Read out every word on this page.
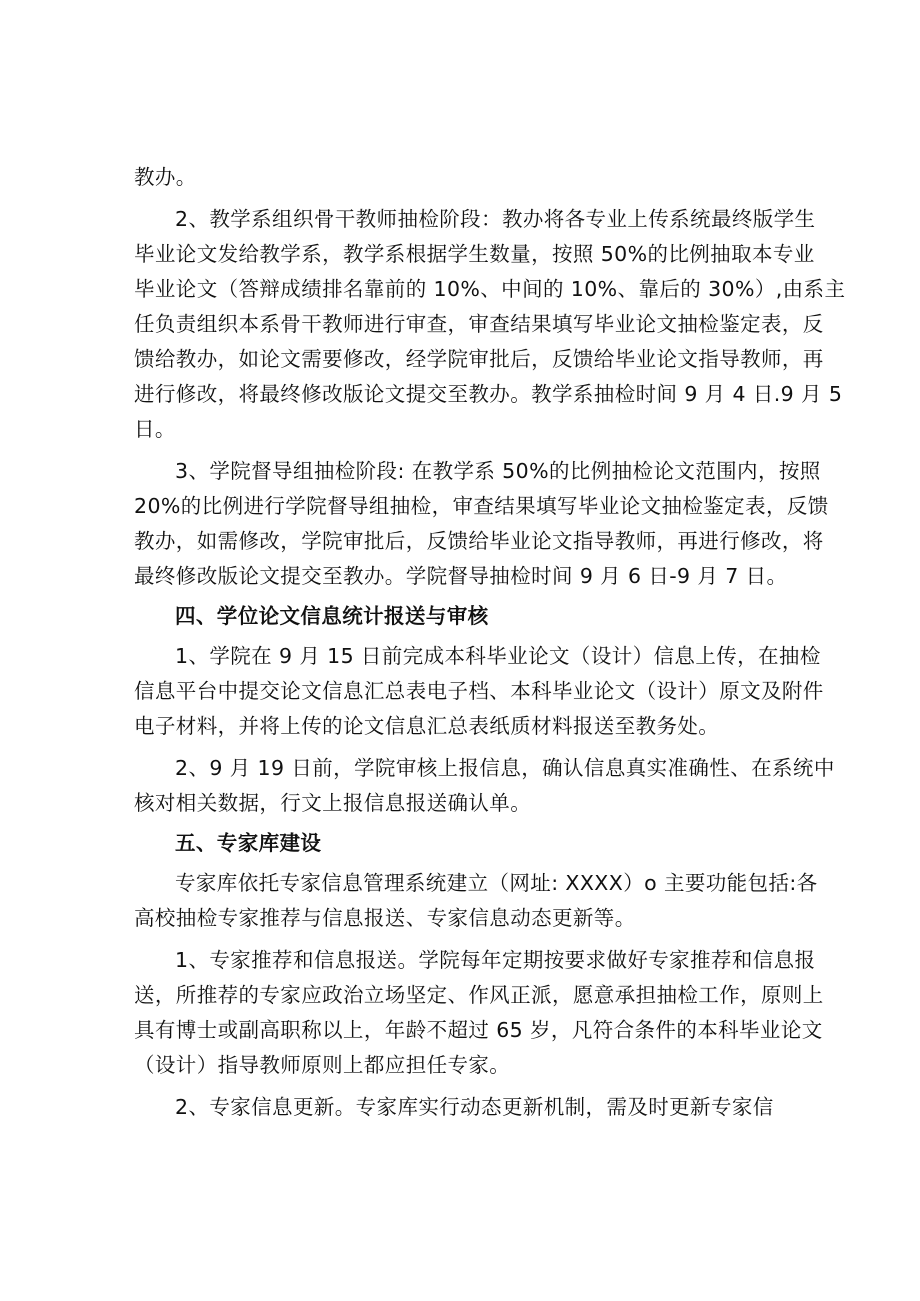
教办。
2、教学系组织骨干教师抽检阶段：教办将各专业上传系统最终版学生
毕业论文发给教学系，教学系根据学生数量，按照 50%的比例抽取本专业
毕业论文（答辩成绩排名靠前的 10%、中间的 10%、靠后的 30%）,由系主
任负责组织本系骨干教师进行审查，审查结果填写毕业论文抽检鉴定表，反
馈给教办，如论文需要修改，经学院审批后，反馈给毕业论文指导教师，再
进行修改，将最终修改版论文提交至教办。教学系抽检时间 9 月 4 日.9 月 5
日。
3、学院督导组抽检阶段: 在教学系 50%的比例抽检论文范围内，按照
20%的比例进行学院督导组抽检，审查结果填写毕业论文抽检鉴定表，反馈
教办，如需修改，学院审批后，反馈给毕业论文指导教师，再进行修改，将
最终修改版论文提交至教办。学院督导抽检时间 9 月 6 日-9 月 7 日。
四、学位论文信息统计报送与审核
1、学院在 9 月 15 日前完成本科毕业论文（设计）信息上传，在抽检
信息平台中提交论文信息汇总表电子档、本科毕业论文（设计）原文及附件
电子材料，并将上传的论文信息汇总表纸质材料报送至教务处。
2、9 月 19 日前，学院审核上报信息，确认信息真实准确性、在系统中
核对相关数据，行文上报信息报送确认单。
五、专家库建设
专家库依托专家信息管理系统建立（网址: XXXX）o 主要功能包括:各
高校抽检专家推荐与信息报送、专家信息动态更新等。
1、专家推荐和信息报送。学院每年定期按要求做好专家推荐和信息报
送，所推荐的专家应政治立场坚定、作风正派，愿意承担抽检工作，原则上
具有博士或副高职称以上，年龄不超过 65 岁，凡符合条件的本科毕业论文
（设计）指导教师原则上都应担任专家。
2、专家信息更新。专家库实行动态更新机制，需及时更新专家信
